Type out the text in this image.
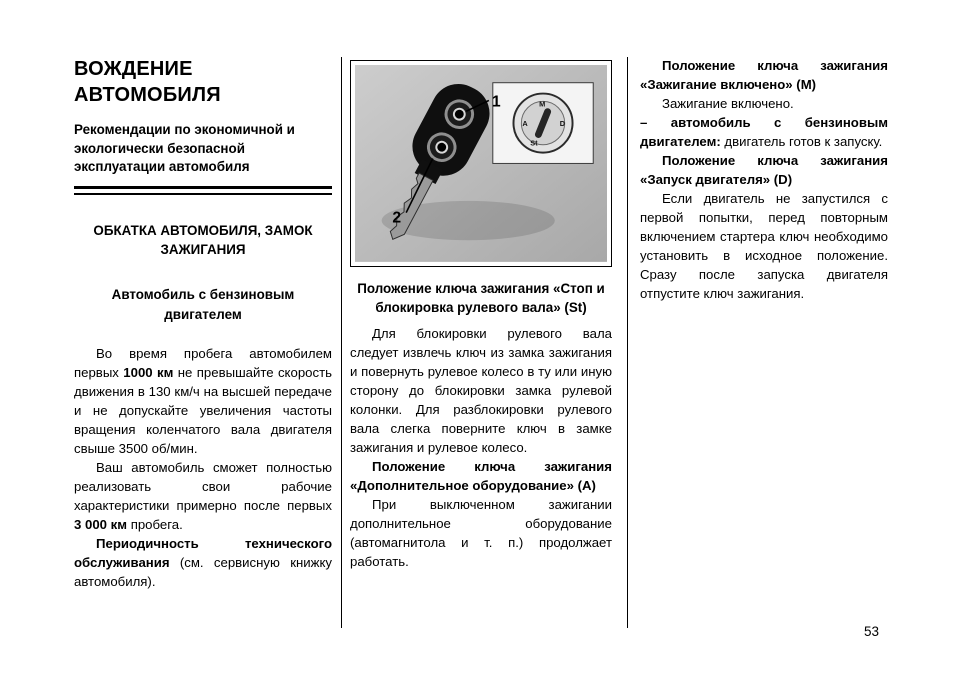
ВОЖДЕНИЕ АВТОМОБИЛЯ
Рекомендации по экономичной и экологически безопасной эксплуатации автомобиля
ОБКАТКА АВТОМОБИЛЯ, ЗАМОК ЗАЖИГАНИЯ
Автомобиль с бензиновым двигателем

Во время пробега автомобилем первых 1000 км не превышайте скорость движения в 130 км/ч на высшей передаче и не допускайте увеличения частоты вращения коленчатого вала двигателя свыше 3500 об/мин.

Ваш автомобиль сможет полностью реализовать свои рабочие характеристики примерно после первых 3 000 км пробега.

Периодичность технического обслуживания (см. сервисную книжку автомобиля).

A
M
D
St
1
2
Положение ключа зажигания «Стоп и блокировка рулевого вала» (St)

Для блокировки рулевого вала следует извлечь ключ из замка зажигания и повернуть рулевое колесо в ту или иную сторону до блокировки замка рулевой колонки. Для разблокировки рулевого вала слегка поверните ключ в замке зажигания и рулевое колесо.

Положение ключа зажигания «Дополнительное оборудование» (A)

При выключенном зажигании дополнительное оборудование (автомагнитола и т. п.) продолжает работать.

Положение ключа зажигания «Зажигание включено» (M)

Зажигание включено.

– автомобиль с бензиновым двигателем: двигатель готов к запуску.

Положение ключа зажигания «Запуск двигателя» (D)

Если двигатель не запустился с первой попытки, перед повторным включением стартера ключ необходимо установить в исходное положение. Сразу после запуска двигателя отпустите ключ зажигания.

53
